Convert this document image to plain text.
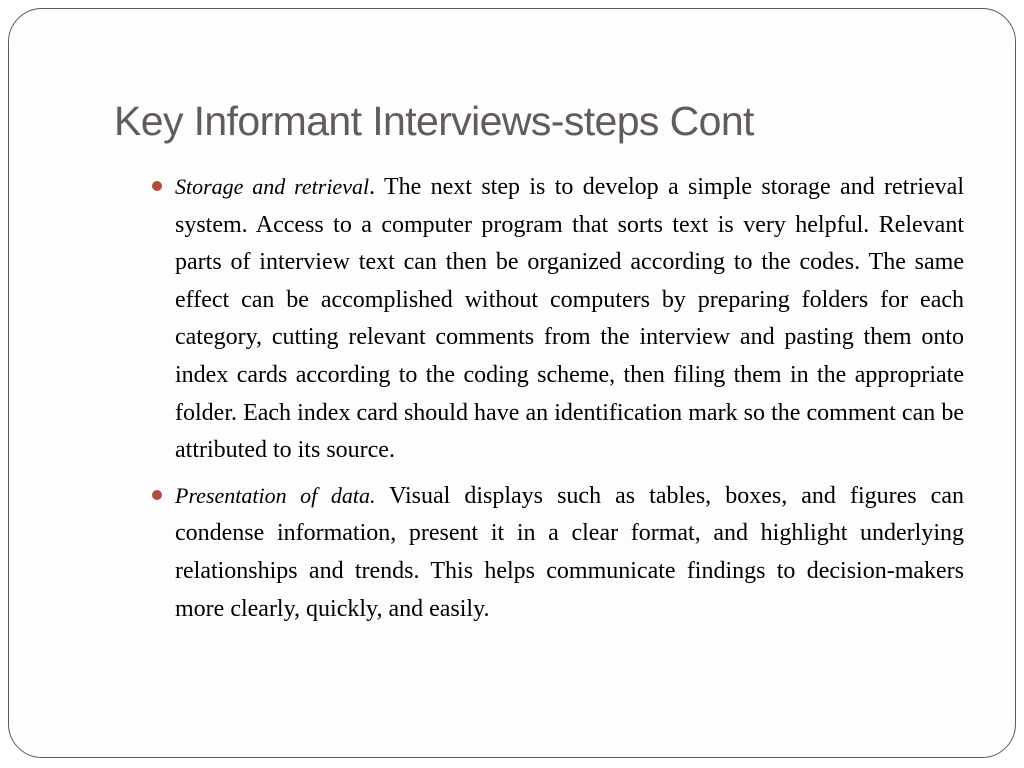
Key Informant Interviews-steps Cont

Storage and retrieval. The next step is to develop a simple storage and retrieval system. Access to a computer program that sorts text is very helpful. Relevant parts of interview text can then be organized according to the codes. The same effect can be accomplished without computers by preparing folders for each category, cutting relevant comments from the interview and pasting them onto index cards according to the coding scheme, then filing them in the appropriate folder. Each index card should have an identification mark so the comment can be attributed to its source.

Presentation of data. Visual displays such as tables, boxes, and figures can condense information, present it in a clear format, and highlight underlying relationships and trends. This helps communicate findings to decision-makers more clearly, quickly, and easily.
